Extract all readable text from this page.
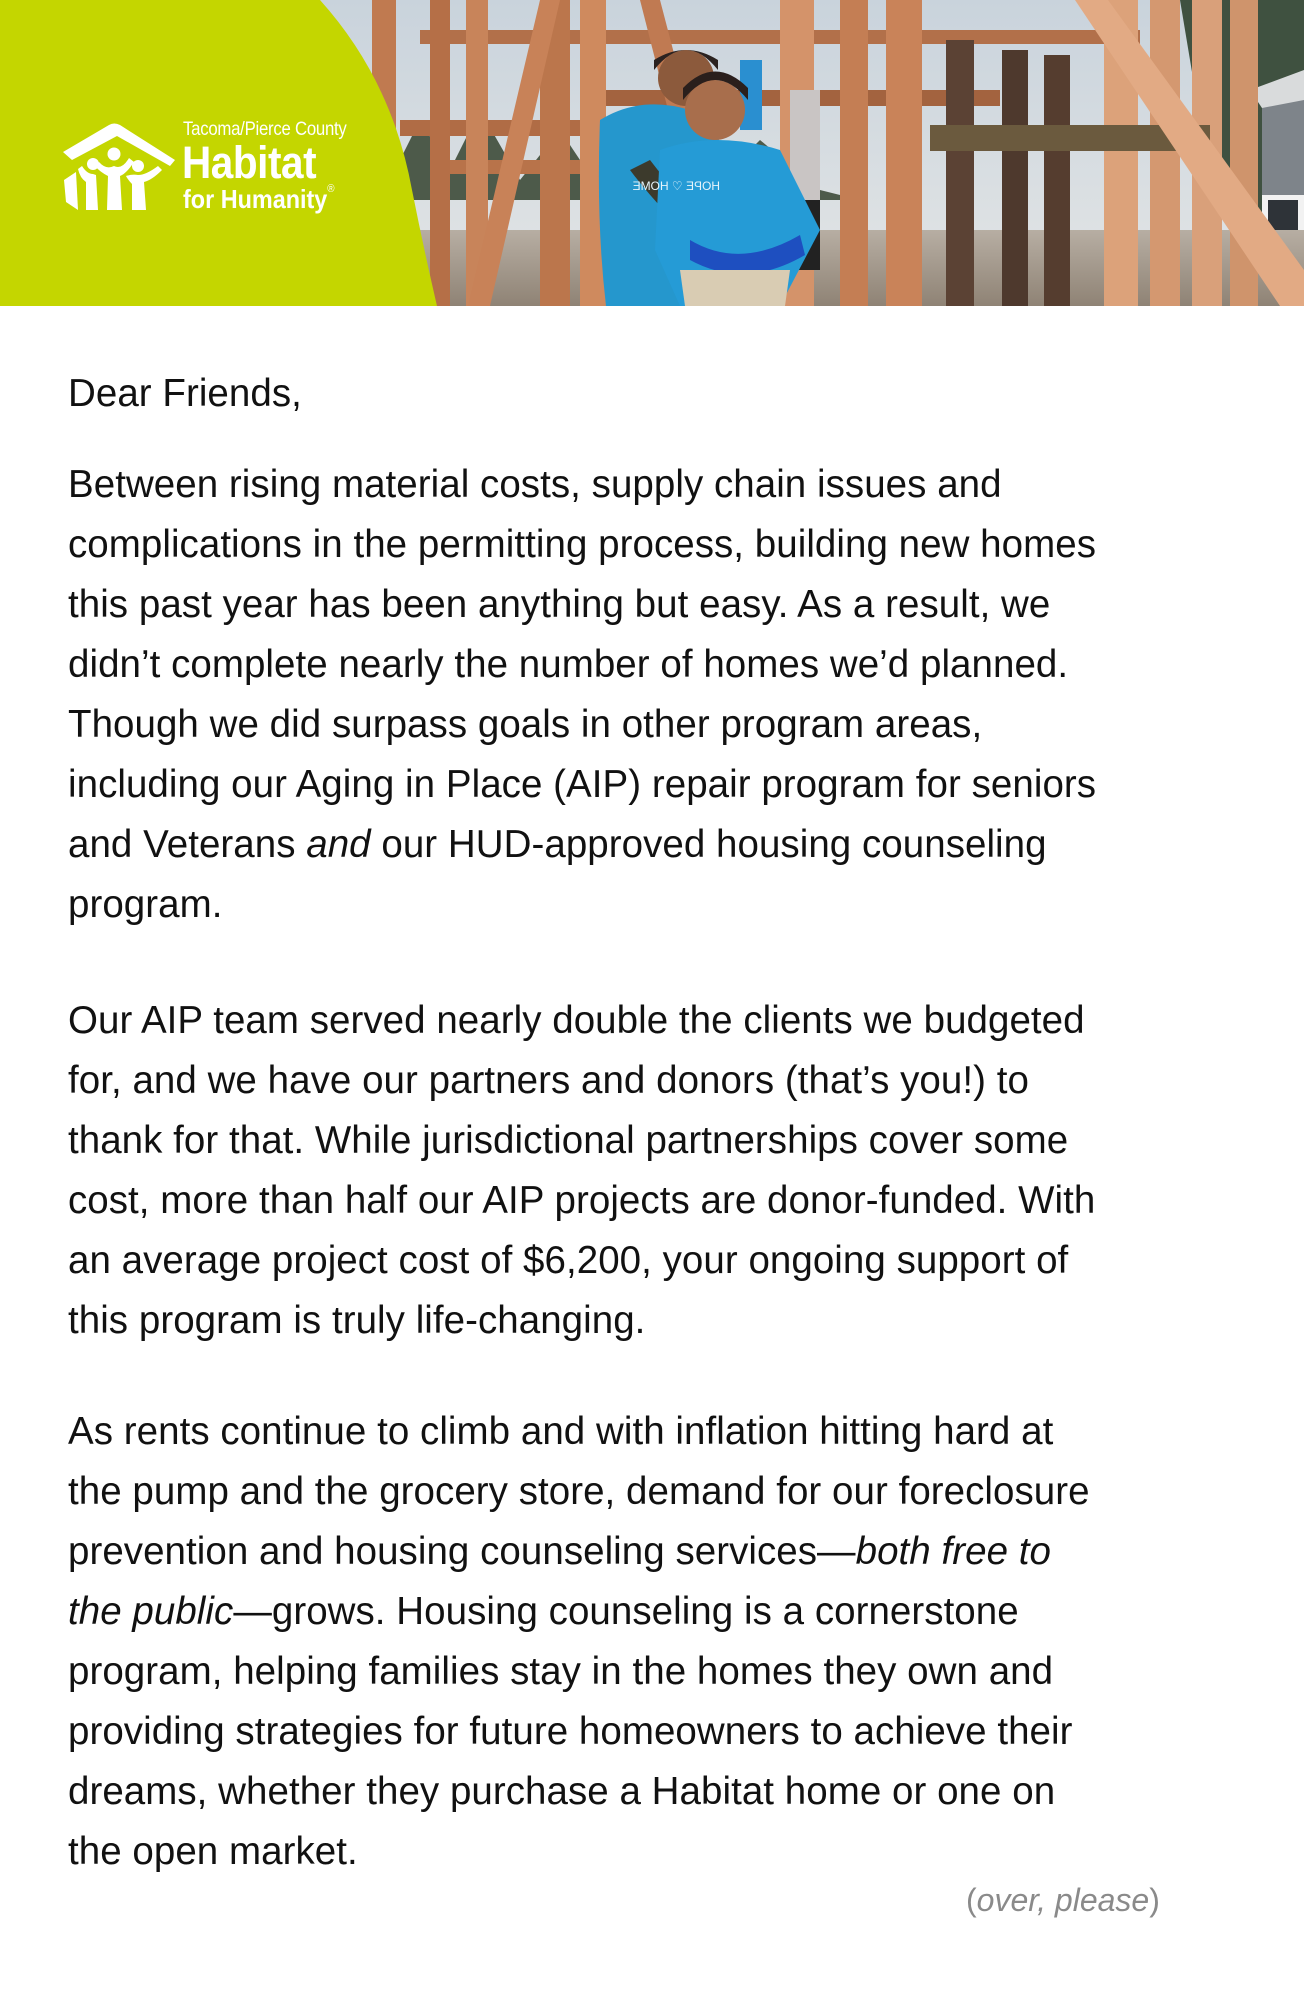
HOPE ♡ HOME
Tacoma/Pierce County
Habitat
for Humanity®
Dear Friends,
Between rising material costs, supply chain issues and
complications in the permitting process, building new homes
this past year has been anything but easy. As a result, we
didn’t complete nearly the number of homes we’d planned.
Though we did surpass goals in other program areas,
including our Aging in Place (AIP) repair program for seniors
and Veterans and our HUD-approved housing counseling
program.
Our AIP team served nearly double the clients we budgeted
for, and we have our partners and donors (that’s you!) to
thank for that. While jurisdictional partnerships cover some
cost, more than half our AIP projects are donor-funded. With
an average project cost of $6,200, your ongoing support of
this program is truly life-changing.
As rents continue to climb and with inflation hitting hard at
the pump and the grocery store, demand for our foreclosure
prevention and housing counseling services—both free to
the public—grows. Housing counseling is a cornerstone
program, helping families stay in the homes they own and
providing strategies for future homeowners to achieve their
dreams, whether they purchase a Habitat home or one on
the open market.
(over, please)
